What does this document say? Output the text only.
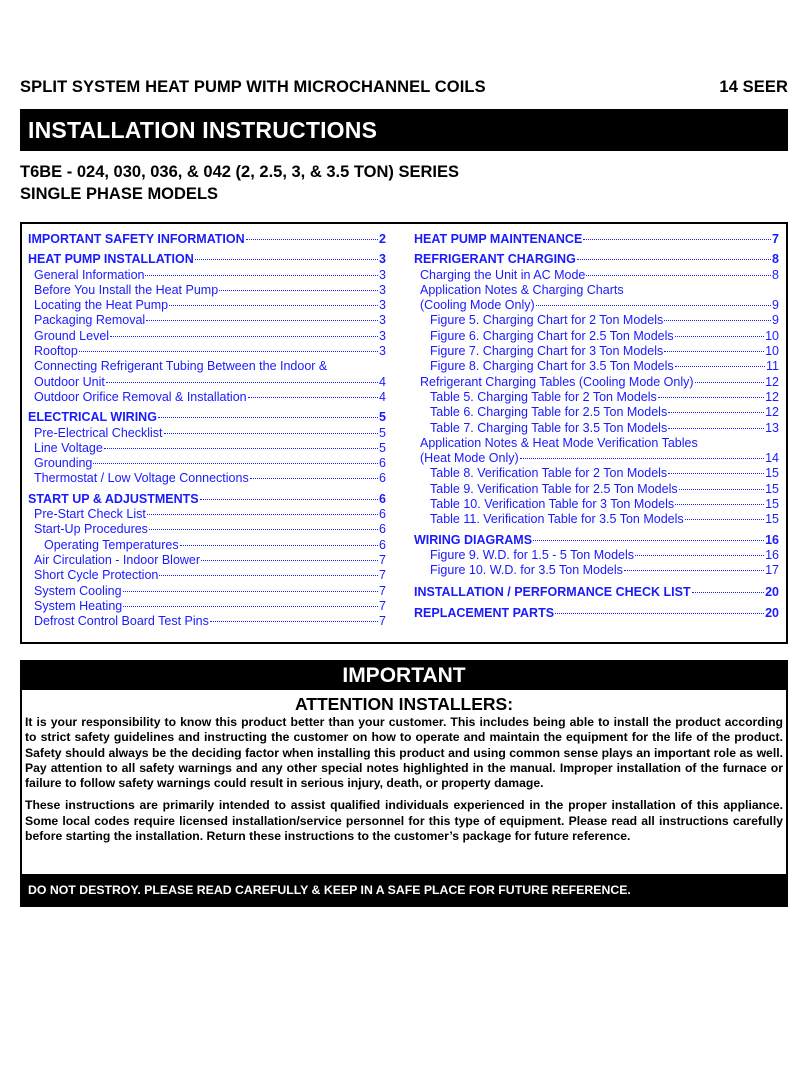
SPLIT SYSTEM HEAT PUMP WITH MICROCHANNEL COILS	14 SEER
INSTALLATION INSTRUCTIONS
T6BE - 024, 030, 036, & 042 (2, 2.5, 3, & 3.5 TON) SERIES
SINGLE PHASE MODELS
IMPORTANT SAFETY INFORMATION	2
HEAT PUMP INSTALLATION	3
General Information	3
Before You Install the Heat Pump	3
Locating the Heat Pump	3
Packaging Removal	3
Ground Level	3
Rooftop	3
Connecting Refrigerant Tubing Between the Indoor &
Outdoor Unit	4
Outdoor Orifice Removal & Installation	4
ELECTRICAL WIRING	5
Pre-Electrical Checklist	5
Line Voltage	5
Grounding	6
Thermostat / Low Voltage Connections	6
START UP & ADJUSTMENTS	6
Pre-Start Check List	6
Start-Up Procedures	6
Operating Temperatures	6
Air Circulation - Indoor Blower	7
Short Cycle Protection	7
System Cooling	7
System Heating	7
Defrost Control Board Test Pins	7
HEAT PUMP MAINTENANCE	7
REFRIGERANT CHARGING	8
Charging the Unit in AC Mode	8
Application Notes & Charging Charts
(Cooling Mode Only)	9
Figure 5. Charging Chart for 2 Ton Models	9
Figure 6. Charging Chart for 2.5 Ton Models	10
Figure 7. Charging Chart for 3 Ton Models	10
Figure 8. Charging Chart for 3.5 Ton Models	11
Refrigerant Charging Tables (Cooling Mode Only)	12
Table 5. Charging Table for 2 Ton Models	12
Table 6. Charging Table for 2.5 Ton Models	12
Table 7. Charging Table for 3.5 Ton Models	13
Application Notes & Heat Mode Verification Tables
(Heat Mode Only)	14
Table 8. Verification Table for 2 Ton Models	15
Table 9. Verification Table for 2.5 Ton Models	15
Table 10. Verification Table for 3 Ton Models	15
Table 11. Verification Table for 3.5 Ton Models	15
WIRING DIAGRAMS	16
Figure 9. W.D. for 1.5 - 5 Ton Models	16
Figure 10. W.D. for 3.5 Ton Models	17
INSTALLATION / PERFORMANCE CHECK LIST	20
REPLACEMENT PARTS	20
IMPORTANT
ATTENTION INSTALLERS:

It is your responsibility to know this product better than your customer. This includes being able to install the product according to strict safety guidelines and instructing the customer on how to operate and maintain the equipment for the life of the product. Safety should always be the deciding factor when installing this product and using common sense plays an important role as well. Pay attention to all safety warnings and any other special notes highlighted in the manual. Improper installation of the furnace or failure to follow safety warnings could result in serious injury, death, or property damage.

These instructions are primarily intended to assist qualified individuals experienced in the proper installation of this appliance. Some local codes require licensed installation/service personnel for this type of equipment. Please read all instructions carefully before starting the installation. Return these instructions to the customer’s package for future reference.

DO NOT DESTROY. PLEASE READ CAREFULLY & KEEP IN A SAFE PLACE FOR FUTURE REFERENCE.
